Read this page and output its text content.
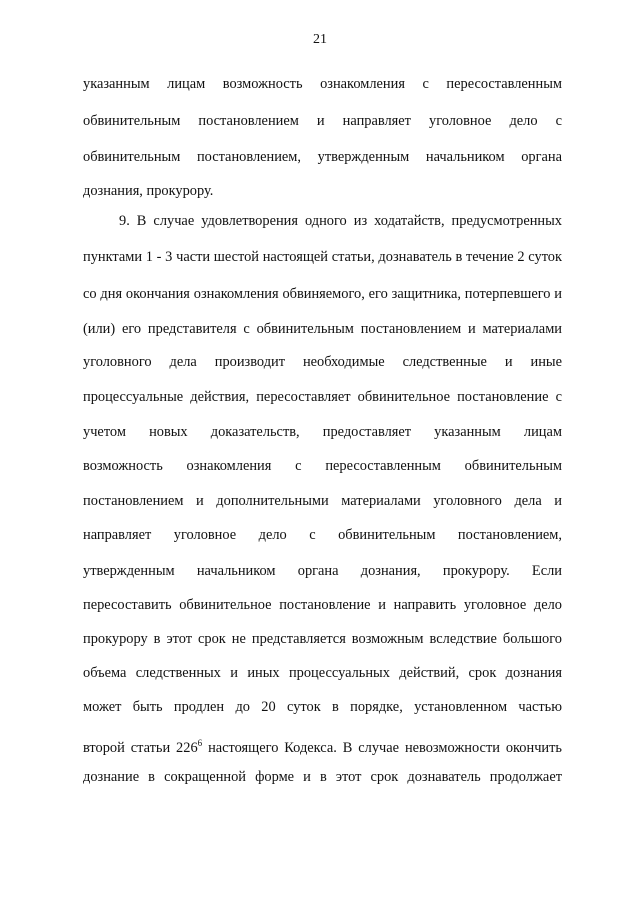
21
указанным лицам возможность ознакомления с пересоставленным
обвинительным постановлением и направляет уголовное дело с
обвинительным постановлением, утвержденным начальником органа
дознания, прокурору.
9. В случае удовлетворения одного из ходатайств, предусмотренных
пунктами 1 - 3 части шестой настоящей статьи, дознаватель в течение 2 суток
со дня окончания ознакомления обвиняемого, его защитника, потерпевшего и
(или) его представителя с обвинительным постановлением и материалами
уголовного дела производит необходимые следственные и иные
процессуальные действия, пересоставляет обвинительное постановление с
учетом новых доказательств, предоставляет указанным лицам
возможность ознакомления с пересоставленным обвинительным
постановлением и дополнительными материалами уголовного дела и
направляет уголовное дело с обвинительным постановлением,
утвержденным начальником органа дознания, прокурору. Если
пересоставить обвинительное постановление и направить уголовное дело
прокурору в этот срок не представляется возможным вследствие большого
объема следственных и иных процессуальных действий, срок дознания
может быть продлен до 20 суток в порядке, установленном частью
второй статьи $226^6$ настоящего Кодекса. В случае невозможности окончить
дознание в сокращенной форме и в этот срок дознаватель продолжает
